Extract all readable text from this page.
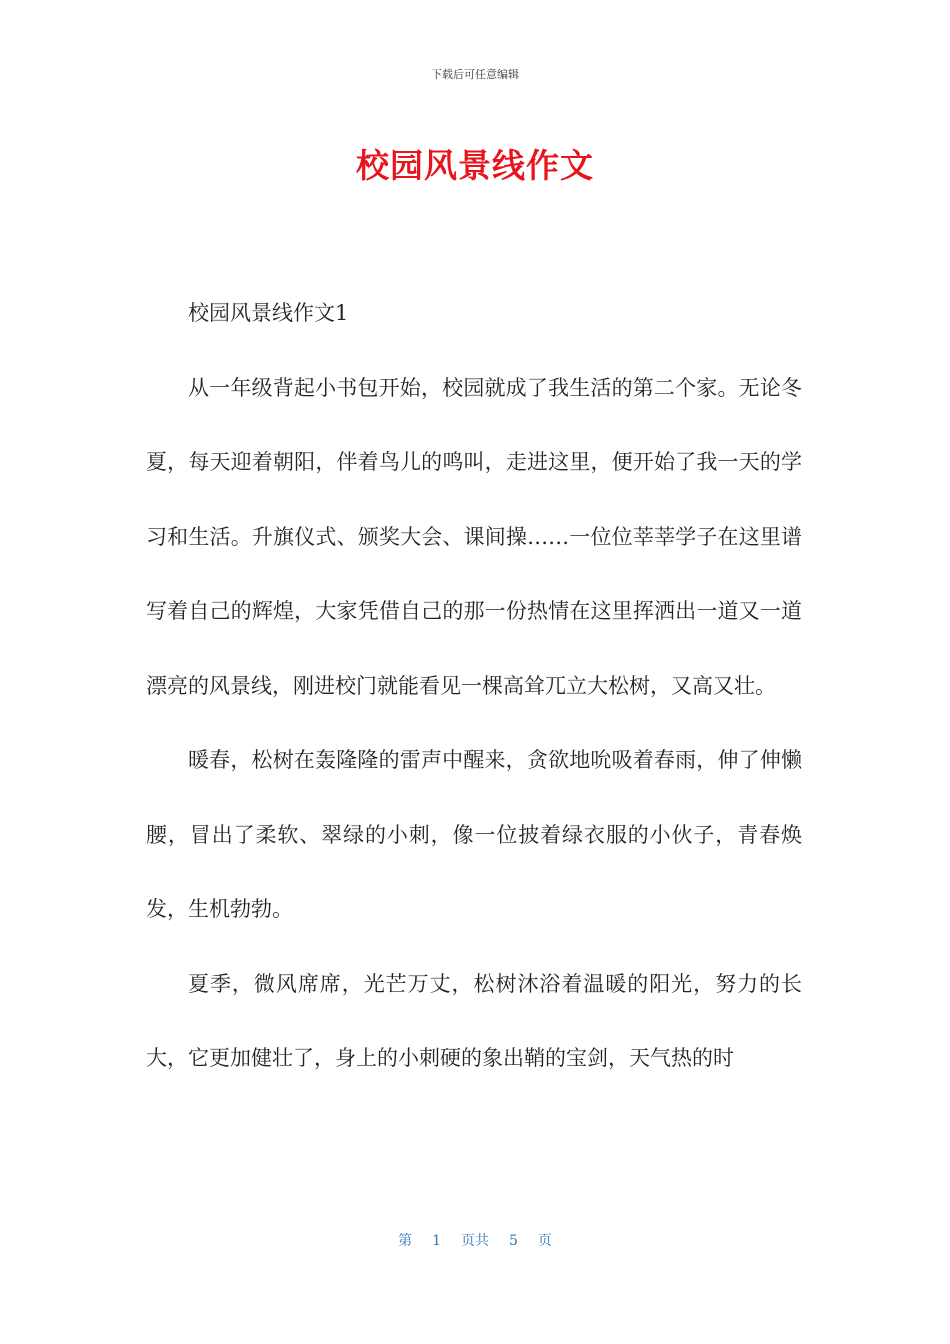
下载后可任意编辑
校园风景线作文

校园风景线作文1

从一年级背起小书包开始，校园就成了我生活的第二个家。无论冬夏，每天迎着朝阳，伴着鸟儿的鸣叫，走进这里，便开始了我一天的学习和生活。升旗仪式、颁奖大会、课间操……一位位莘莘学子在这里谱写着自己的辉煌，大家凭借自己的那一份热情在这里挥洒出一道又一道漂亮的风景线，刚进校门就能看见一棵高耸兀立大松树，又高又壮。

暖春，松树在轰隆隆的雷声中醒来，贪欲地吮吸着春雨，伸了伸懒腰，冒出了柔软、翠绿的小刺，像一位披着绿衣服的小伙子，青春焕发，生机勃勃。

夏季，微风席席，光芒万丈，松树沐浴着温暖的阳光，努力的长大，它更加健壮了，身上的小刺硬的象出鞘的宝剑，天气热的时

第 1 页共 5 页
